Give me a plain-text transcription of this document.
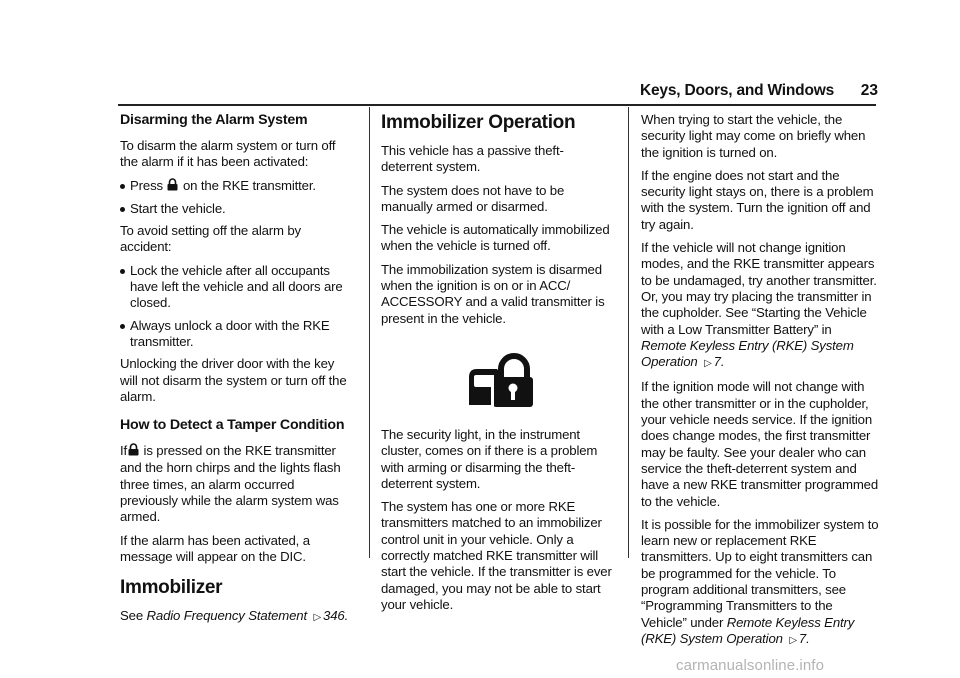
Keys, Doors, and Windows	23
Disarming the Alarm System

To disarm the alarm system or turn off the alarm if it has been activated:

Press on the RKE transmitter.
Start the vehicle.

To avoid setting off the alarm by accident:

Lock the vehicle after all occupants have left the vehicle and all doors are closed.
Always unlock a door with the RKE transmitter.

Unlocking the driver door with the key will not disarm the system or turn off the alarm.

How to Detect a Tamper Condition

If is pressed on the RKE transmitter and the horn chirps and the lights flash three times, an alarm occurred previously while the alarm system was armed.

If the alarm has been activated, a message will appear on the DIC.

Immobilizer

See Radio Frequency Statement ▷ 346.

Immobilizer Operation

This vehicle has a passive theft-deterrent system.

The system does not have to be manually armed or disarmed.

The vehicle is automatically immobilized when the vehicle is turned off.

The immobilization system is disarmed when the ignition is on or in ACC/ ACCESSORY and a valid transmitter is present in the vehicle.

The security light, in the instrument cluster, comes on if there is a problem with arming or disarming the theft-deterrent system.

The system has one or more RKE transmitters matched to an immobilizer control unit in your vehicle. Only a correctly matched RKE transmitter will start the vehicle. If the transmitter is ever damaged, you may not be able to start your vehicle.

When trying to start the vehicle, the security light may come on briefly when the ignition is turned on.

If the engine does not start and the security light stays on, there is a problem with the system. Turn the ignition off and try again.

If the vehicle will not change ignition modes, and the RKE transmitter appears to be undamaged, try another transmitter. Or, you may try placing the transmitter in the cupholder. See “Starting the Vehicle with a Low Transmitter Battery” in Remote Keyless Entry (RKE) System Operation ▷ 7.

If the ignition mode will not change with the other transmitter or in the cupholder, your vehicle needs service. If the ignition does change modes, the first transmitter may be faulty. See your dealer who can service the theft-deterrent system and have a new RKE transmitter programmed to the vehicle.

It is possible for the immobilizer system to learn new or replacement RKE transmitters. Up to eight transmitters can be programmed for the vehicle. To program additional transmitters, see “Programming Transmitters to the Vehicle” under Remote Keyless Entry (RKE) System Operation ▷ 7.

carmanualsonline.info
